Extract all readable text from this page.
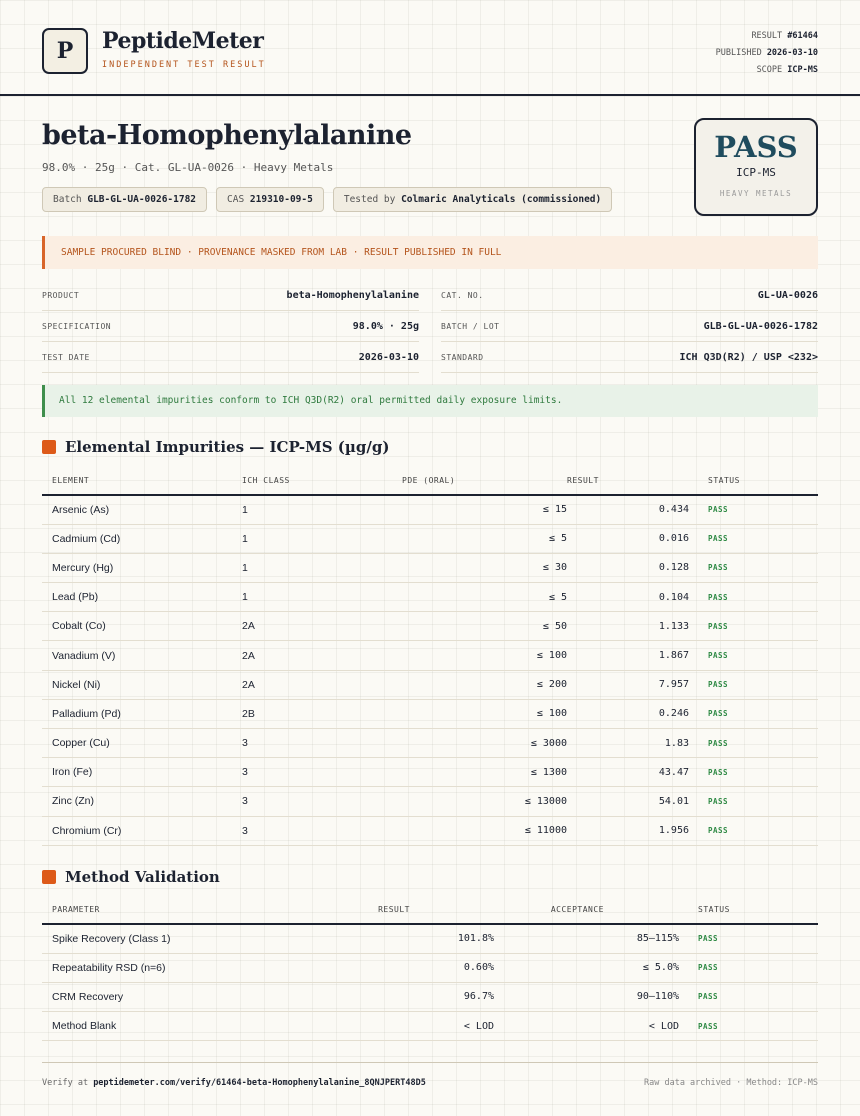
P PeptideMeter
INDEPENDENT TEST RESULT
RESULT #61464
PUBLISHED 2026-03-10
SCOPE ICP-MS
beta-Homophenylalanine
98.0% · 25g · Cat. GL-UA-0026 · Heavy Metals
Batch GLB-GL-UA-0026-1782	CAS 219310-09-5	Tested by Colmaric Analyticals (commissioned)
PASS
ICP-MS
HEAVY METALS
SAMPLE PROCURED BLIND · PROVENANCE MASKED FROM LAB · RESULT PUBLISHED IN FULL
PRODUCT	beta-Homophenylalanine	CAT. NO.	GL-UA-0026
SPECIFICATION	98.0% · 25g	BATCH / LOT	GLB-GL-UA-0026-1782
TEST DATE	2026-03-10	STANDARD	ICH Q3D(R2) / USP <232>
All 12 elemental impurities conform to ICH Q3D(R2) oral permitted daily exposure limits.
Elemental Impurities — ICP-MS (µg/g)
ELEMENT	ICH CLASS	PDE (ORAL)	RESULT	STATUS
Arsenic (As)	1	≤ 15	0.434	PASS
Cadmium (Cd)	1	≤ 5	0.016	PASS
Mercury (Hg)	1	≤ 30	0.128	PASS
Lead (Pb)	1	≤ 5	0.104	PASS
Cobalt (Co)	2A	≤ 50	1.133	PASS
Vanadium (V)	2A	≤ 100	1.867	PASS
Nickel (Ni)	2A	≤ 200	7.957	PASS
Palladium (Pd)	2B	≤ 100	0.246	PASS
Copper (Cu)	3	≤ 3000	1.83	PASS
Iron (Fe)	3	≤ 1300	43.47	PASS
Zinc (Zn)	3	≤ 13000	54.01	PASS
Chromium (Cr)	3	≤ 11000	1.956	PASS
Method Validation
PARAMETER	RESULT	ACCEPTANCE	STATUS
Spike Recovery (Class 1)	101.8%	85–115%	PASS
Repeatability RSD (n=6)	0.60%	≤ 5.0%	PASS
CRM Recovery	96.7%	90–110%	PASS
Method Blank	< LOD	< LOD	PASS
Verify at peptidemeter.com/verify/61464-beta-Homophenylalanine_8QNJPERT48D5	Raw data archived · Method: ICP-MS
